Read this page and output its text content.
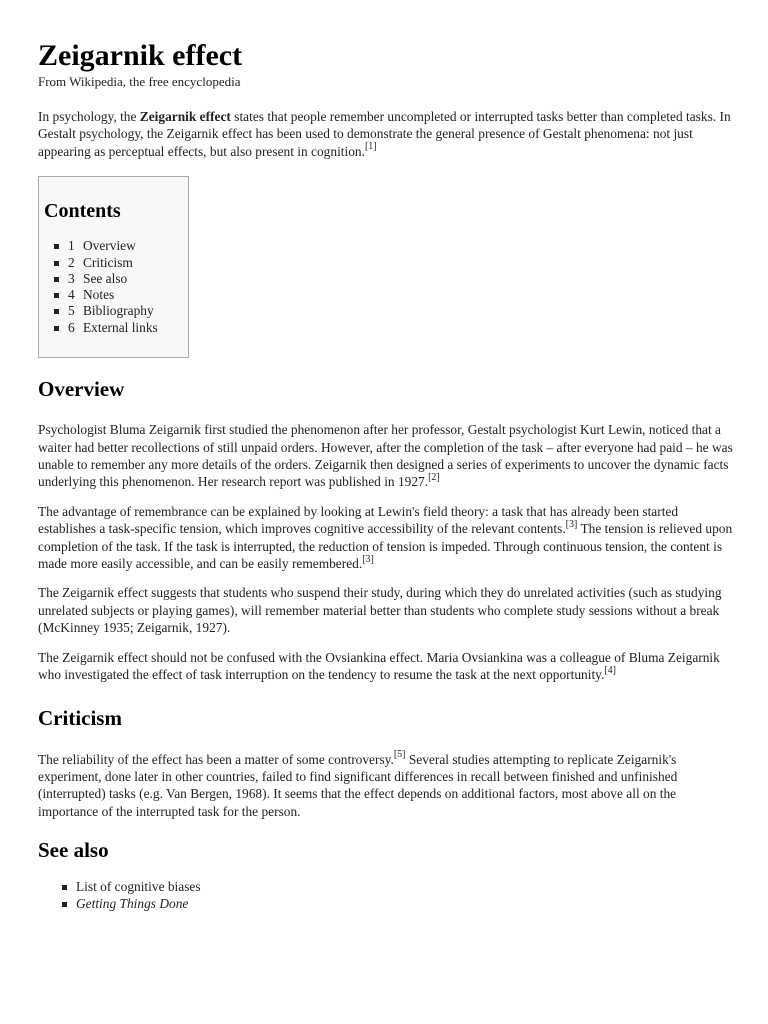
Zeigarnik effect
From Wikipedia, the free encyclopedia

In psychology, the Zeigarnik effect states that people remember uncompleted or interrupted tasks better than completed tasks. In Gestalt psychology, the Zeigarnik effect has been used to demonstrate the general presence of Gestalt phenomena: not just appearing as perceptual effects, but also present in cognition.[1]

Contents
1 Overview
2 Criticism
3 See also
4 Notes
5 Bibliography
6 External links
Overview

Psychologist Bluma Zeigarnik first studied the phenomenon after her professor, Gestalt psychologist Kurt Lewin, noticed that a waiter had better recollections of still unpaid orders. However, after the completion of the task – after everyone had paid – he was unable to remember any more details of the orders. Zeigarnik then designed a series of experiments to uncover the dynamic facts underlying this phenomenon. Her research report was published in 1927.[2]

The advantage of remembrance can be explained by looking at Lewin's field theory: a task that has already been started establishes a task-specific tension, which improves cognitive accessibility of the relevant contents.[3] The tension is relieved upon completion of the task. If the task is interrupted, the reduction of tension is impeded. Through continuous tension, the content is made more easily accessible, and can be easily remembered.[3]

The Zeigarnik effect suggests that students who suspend their study, during which they do unrelated activities (such as studying unrelated subjects or playing games), will remember material better than students who complete study sessions without a break (McKinney 1935; Zeigarnik, 1927).

The Zeigarnik effect should not be confused with the Ovsiankina effect. Maria Ovsiankina was a colleague of Bluma Zeigarnik who investigated the effect of task interruption on the tendency to resume the task at the next opportunity.[4]

Criticism

The reliability of the effect has been a matter of some controversy.[5] Several studies attempting to replicate Zeigarnik's experiment, done later in other countries, failed to find significant differences in recall between finished and unfinished (interrupted) tasks (e.g. Van Bergen, 1968). It seems that the effect depends on additional factors, most above all on the importance of the interrupted task for the person.

See also
List of cognitive biases
Getting Things Done
